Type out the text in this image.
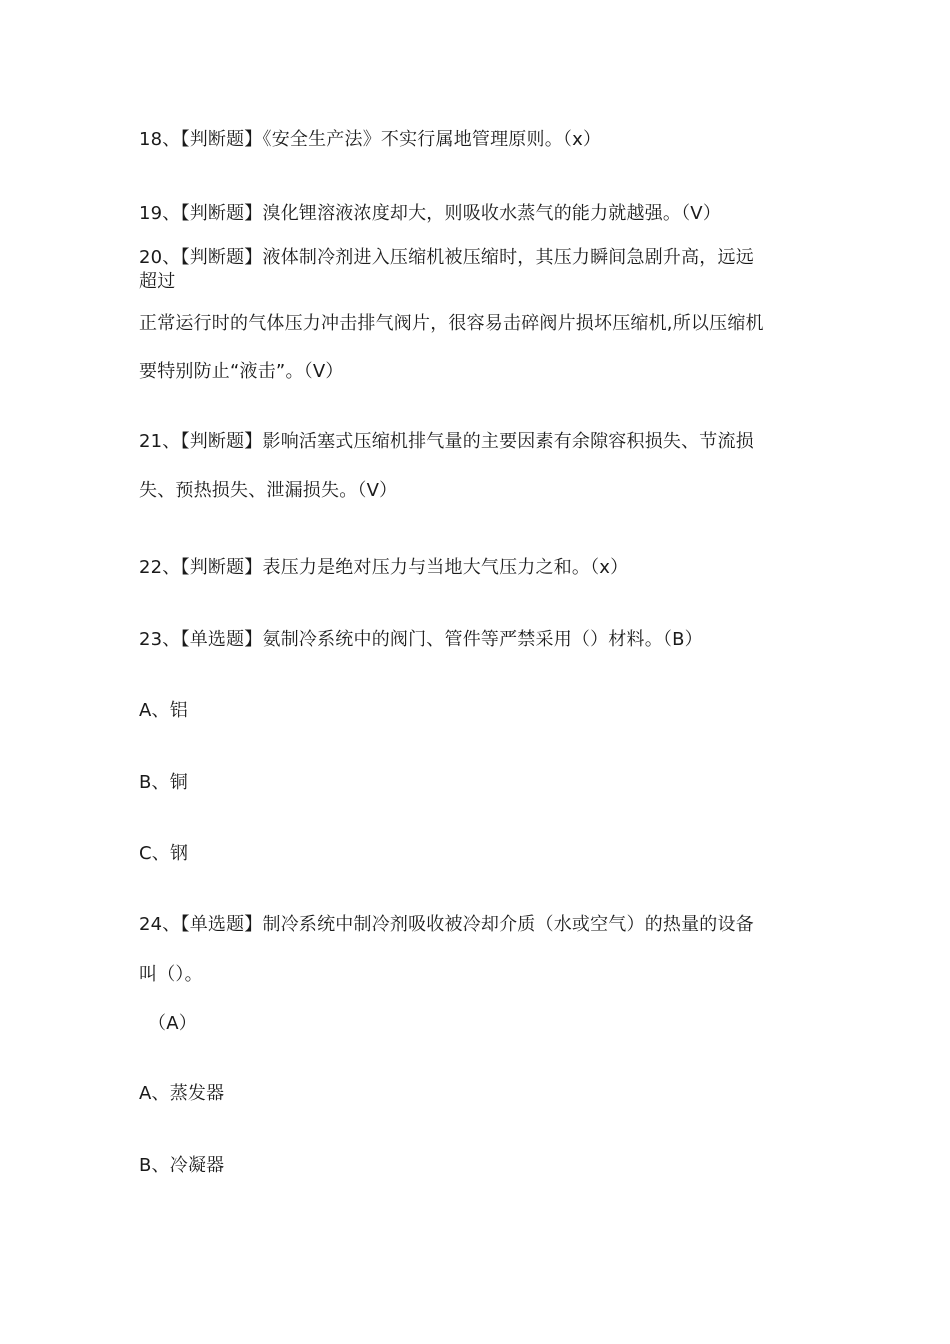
18、【判断题】《安全生产法》不实行属地管理原则。（x）
19、【判断题】溴化锂溶液浓度却大，则吸收水蒸气的能力就越强。（V）
20、【判断题】液体制冷剂进入压缩机被压缩时，其压力瞬间急剧升高，远远
超过
正常运行时的气体压力冲击排气阀片，很容易击碎阀片损坏压缩机,所以压缩机
要特别防止“液击”。（V）
21、【判断题】影响活塞式压缩机排气量的主要因素有余隙容积损失、节流损
失、预热损失、泄漏损失。（V）
22、【判断题】表压力是绝对压力与当地大气压力之和。（x）
23、【单选题】氨制冷系统中的阀门、管件等严禁采用（）材料。（B）
A、铝
B、铜
C、钢
24、【单选题】制冷系统中制冷剂吸收被冷却介质（水或空气）的热量的设备
叫（）。
（A）
A、蒸发器
B、冷凝器
